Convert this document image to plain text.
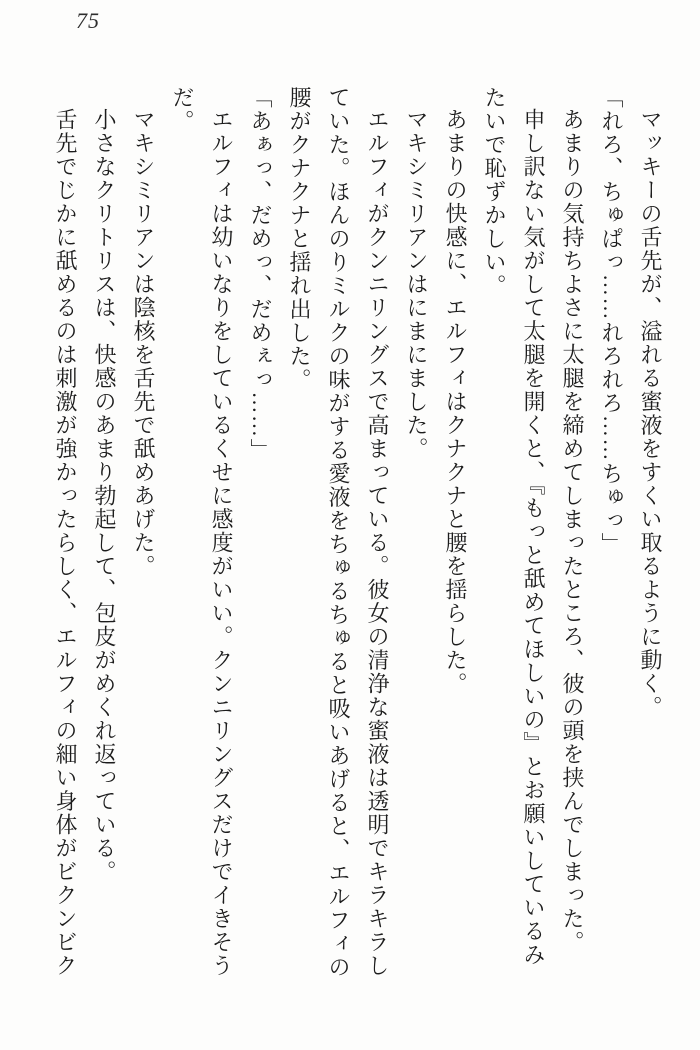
75

マッキーの舌先が、溢れる蜜液をすくい取るように動く。

「れろ、ちゅぱっ……れろれろ……ちゅっ」

あまりの気持ちよさに太腿を締めてしまったところ、彼の頭を挟んでしまった。

申し訳ない気がして太腿を開くと、『もっと舐めてほしいの』とお願いしているみ

たいで恥ずかしい。

あまりの快感に、エルフィはクナクナと腰を揺らした。

マキシミリアンはにまにました。

エルフィがクンニリングスで高まっている。彼女の清浄な蜜液は透明でキラキラし

ていた。ほんのりミルクの味がする愛液をちゅるちゅると吸いあげると、エルフィの

腰がクナクナと揺れ出した。

「あぁっ、だめっ、だめぇっ……」

エルフィは幼いなりをしているくせに感度がいい。クンニリングスだけでイきそう

だ。

マキシミリアンは陰核を舌先で舐めあげた。

小さなクリトリスは、快感のあまり勃起して、包皮がめくれ返っている。

舌先でじかに舐めるのは刺激が強かったらしく、エルフィの細い身体がビクンビク
